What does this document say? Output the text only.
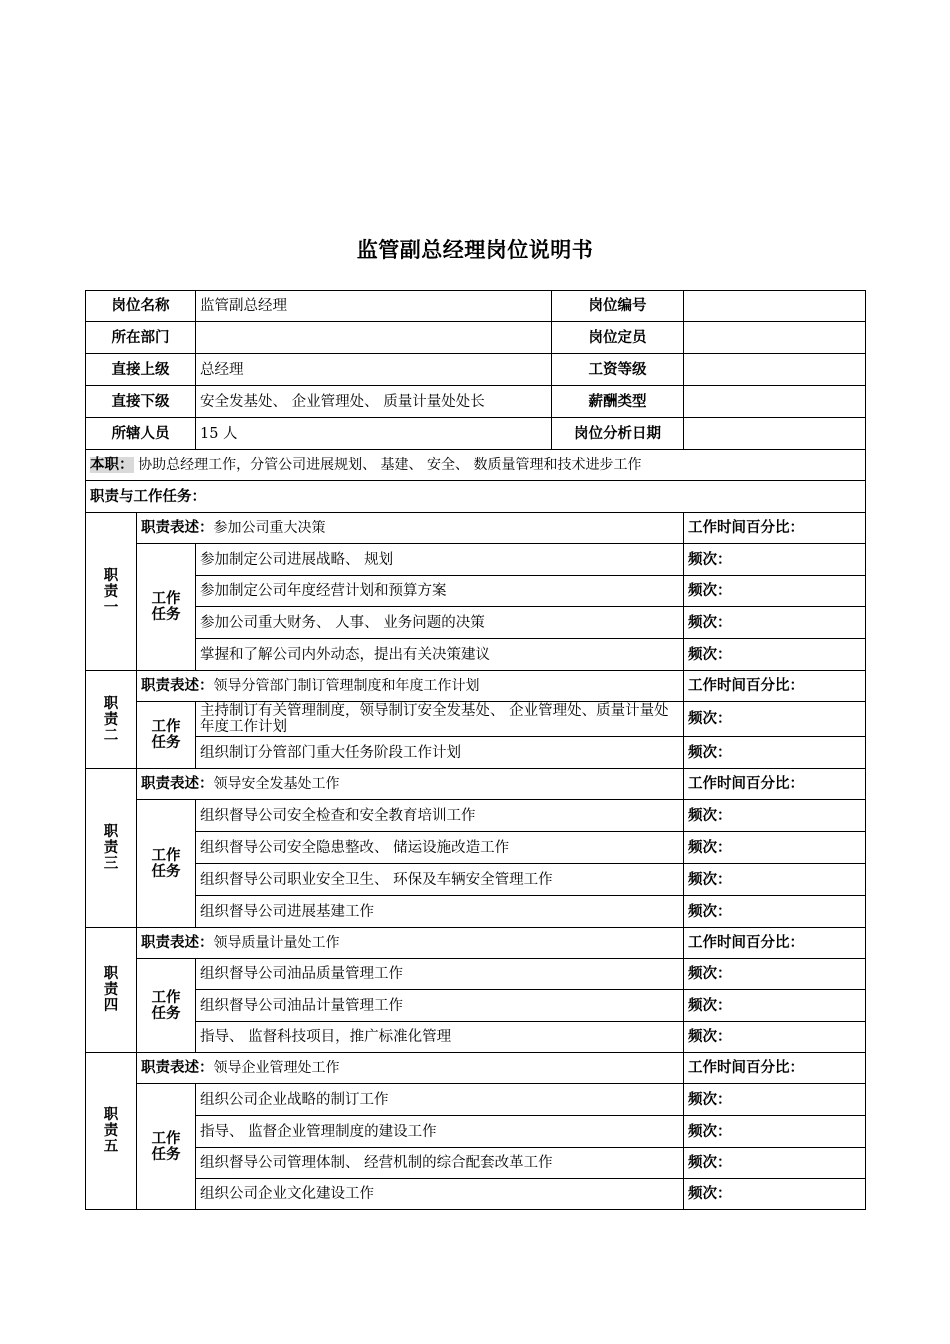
监管副总经理岗位说明书
岗位名称		监管副总经理	岗位编号	
所在部门			岗位定员	
直接上级		总经理	工资等级	
直接下级		安全发基处、 企业管理处、 质量计量处处长	薪酬类型	
所辖人员		15 人	岗位分析日期	
本职： 协助总经理工作，分管公司进展规划、 基建、 安全、 数质量管理和技术进步工作				
职责与工作任务：				
职
责
一	职责表述：参加公司重大决策			工作时间百分比：
	工作
任务	参加制定公司进展战略、 规划		频次：
		参加制定公司年度经营计划和预算方案		频次：
		参加公司重大财务、 人事、 业务问题的决策		频次：
		掌握和了解公司内外动态，提出有关决策建议		频次：
职
责
二	职责表述：领导分管部门制订管理制度和年度工作计划			工作时间百分比：
	工作
任务	主持制订有关管理制度，领导制订安全发基处、 企业管理处、质量计量处年度工作计划		频次：
		组织制订分管部门重大任务阶段工作计划		频次：
职
责
三	职责表述：领导安全发基处工作			工作时间百分比：
	工作
任务	组织督导公司安全检查和安全教育培训工作		频次：
		组织督导公司安全隐患整改、 储运设施改造工作		频次：
		组织督导公司职业安全卫生、 环保及车辆安全管理工作		频次：
		组织督导公司进展基建工作		频次：
职
责
四	职责表述：领导质量计量处工作			工作时间百分比：
	工作
任务	组织督导公司油品质量管理工作		频次：
		组织督导公司油品计量管理工作		频次：
		指导、 监督科技项目，推广标准化管理		频次：
职
责
五	职责表述：领导企业管理处工作			工作时间百分比：
	工作
任务	组织公司企业战略的制订工作		频次：
		指导、 监督企业管理制度的建设工作		频次：
		组织督导公司管理体制、 经营机制的综合配套改革工作		频次：
		组织公司企业文化建设工作		频次：
